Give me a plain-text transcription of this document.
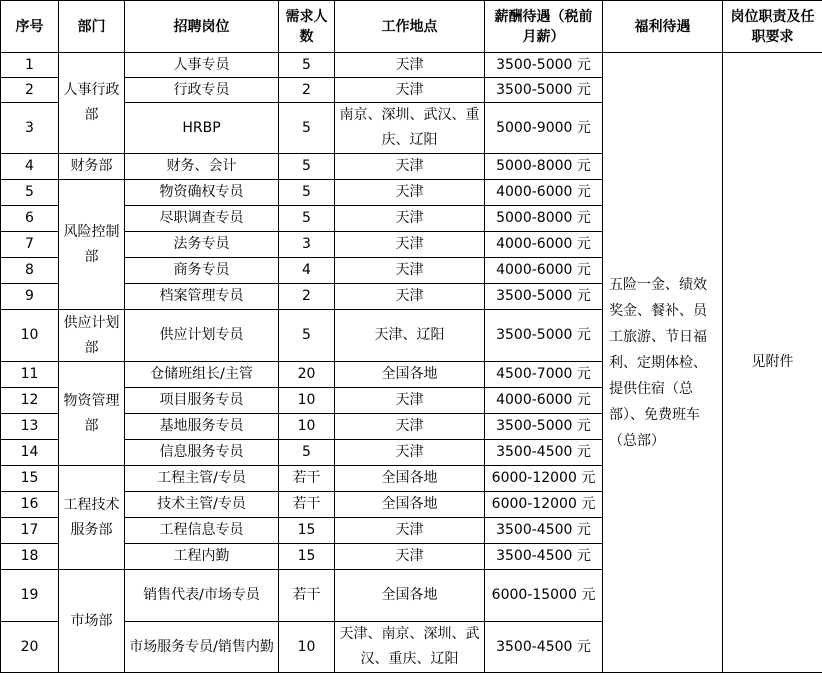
序号	部门	招聘岗位	需求人数	工作地点	薪酬待遇（税前月薪）	福利待遇	岗位职责及任职要求
1	人事行政部	人事专员	5	天津	3500-5000 元	五险一金、绩效奖金、餐补、员工旅游、节日福利、定期体检、提供住宿（总部）、免费班车（总部）	见附件
2		行政专员	2	天津	3500-5000 元		
3		HRBP	5	南京、深圳、武汉、重庆、辽阳	5000-9000 元		
4	财务部	财务、会计	5	天津	5000-8000 元		
5	风险控制部	物资确权专员	5	天津	4000-6000 元		
6		尽职调查专员	5	天津	5000-8000 元		
7		法务专员	3	天津	4000-6000 元		
8		商务专员	4	天津	4000-6000 元		
9		档案管理专员	2	天津	3500-5000 元		
10	供应计划部	供应计划专员	5	天津、辽阳	3500-5000 元		
11	物资管理部	仓储班组长/主管	20	全国各地	4500-7000 元		
12		项目服务专员	10	天津	4000-6000 元		
13		基地服务专员	10	天津	3500-5000 元		
14		信息服务专员	5	天津	3500-4500 元		
15	工程技术服务部	工程主管/专员	若干	全国各地	6000-12000 元		
16		技术主管/专员	若干	全国各地	6000-12000 元		
17		工程信息专员	15	天津	3500-4500 元		
18		工程内勤	15	天津	3500-4500 元		
19	市场部	销售代表/市场专员	若干	全国各地	6000-15000 元		
20		市场服务专员/销售内勤	10	天津、南京、深圳、武汉、重庆、辽阳	3500-4500 元		
